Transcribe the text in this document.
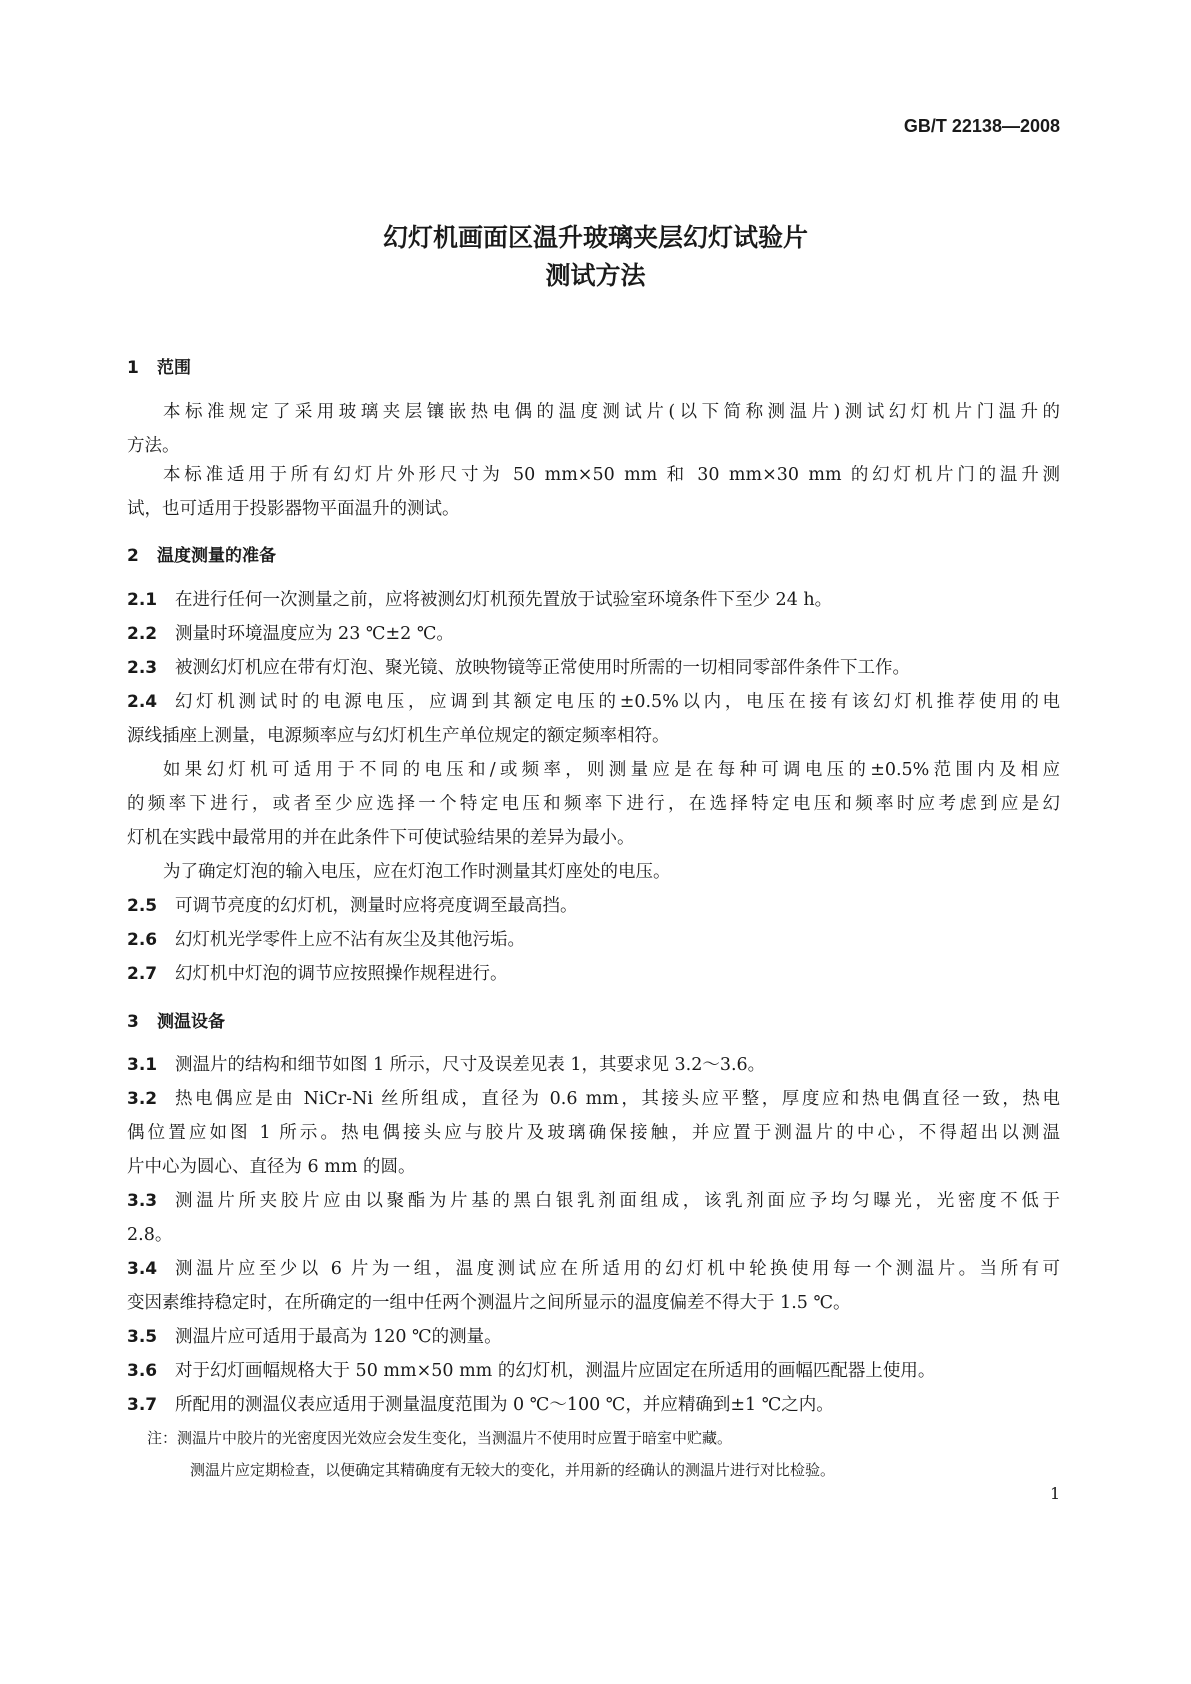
GB/T 22138—2008
幻灯机画面区温升玻璃夹层幻灯试验片
测试方法
1 范围
本标准规定了采用玻璃夹层镶嵌热电偶的温度测试片(以下简称测温片)测试幻灯机片门温升的
方法。
本标准适用于所有幻灯片外形尺寸为 50 mm×50 mm 和 30 mm×30 mm 的幻灯机片门的温升测
试，也可适用于投影器物平面温升的测试。
2 温度测量的准备
2.1 在进行任何一次测量之前，应将被测幻灯机预先置放于试验室环境条件下至少 24 h。
2.2 测量时环境温度应为 23 ℃±2 ℃。
2.3 被测幻灯机应在带有灯泡、聚光镜、放映物镜等正常使用时所需的一切相同零部件条件下工作。
2.4 幻灯机测试时的电源电压，应调到其额定电压的±0.5%以内，电压在接有该幻灯机推荐使用的电
源线插座上测量，电源频率应与幻灯机生产单位规定的额定频率相符。
如果幻灯机可适用于不同的电压和/或频率，则测量应是在每种可调电压的±0.5%范围内及相应
的频率下进行，或者至少应选择一个特定电压和频率下进行，在选择特定电压和频率时应考虑到应是幻
灯机在实践中最常用的并在此条件下可使试验结果的差异为最小。
为了确定灯泡的输入电压，应在灯泡工作时测量其灯座处的电压。
2.5 可调节亮度的幻灯机，测量时应将亮度调至最高挡。
2.6 幻灯机光学零件上应不沾有灰尘及其他污垢。
2.7 幻灯机中灯泡的调节应按照操作规程进行。
3 测温设备
3.1 测温片的结构和细节如图 1 所示，尺寸及误差见表 1，其要求见 3.2～3.6。
3.2 热电偶应是由 NiCr-Ni 丝所组成，直径为 0.6 mm，其接头应平整，厚度应和热电偶直径一致，热电
偶位置应如图 1 所示。热电偶接头应与胶片及玻璃确保接触，并应置于测温片的中心，不得超出以测温
片中心为圆心、直径为 6 mm 的圆。
3.3 测温片所夹胶片应由以聚酯为片基的黑白银乳剂面组成，该乳剂面应予均匀曝光，光密度不低于
2.8。
3.4 测温片应至少以 6 片为一组，温度测试应在所适用的幻灯机中轮换使用每一个测温片。当所有可
变因素维持稳定时，在所确定的一组中任两个测温片之间所显示的温度偏差不得大于 1.5 ℃。
3.5 测温片应可适用于最高为 120 ℃的测量。
3.6 对于幻灯画幅规格大于 50 mm×50 mm 的幻灯机，测温片应固定在所适用的画幅匹配器上使用。
3.7 所配用的测温仪表应适用于测量温度范围为 0 ℃～100 ℃，并应精确到±1 ℃之内。
注：测温片中胶片的光密度因光效应会发生变化，当测温片不使用时应置于暗室中贮藏。
测温片应定期检查，以便确定其精确度有无较大的变化，并用新的经确认的测温片进行对比检验。
1
